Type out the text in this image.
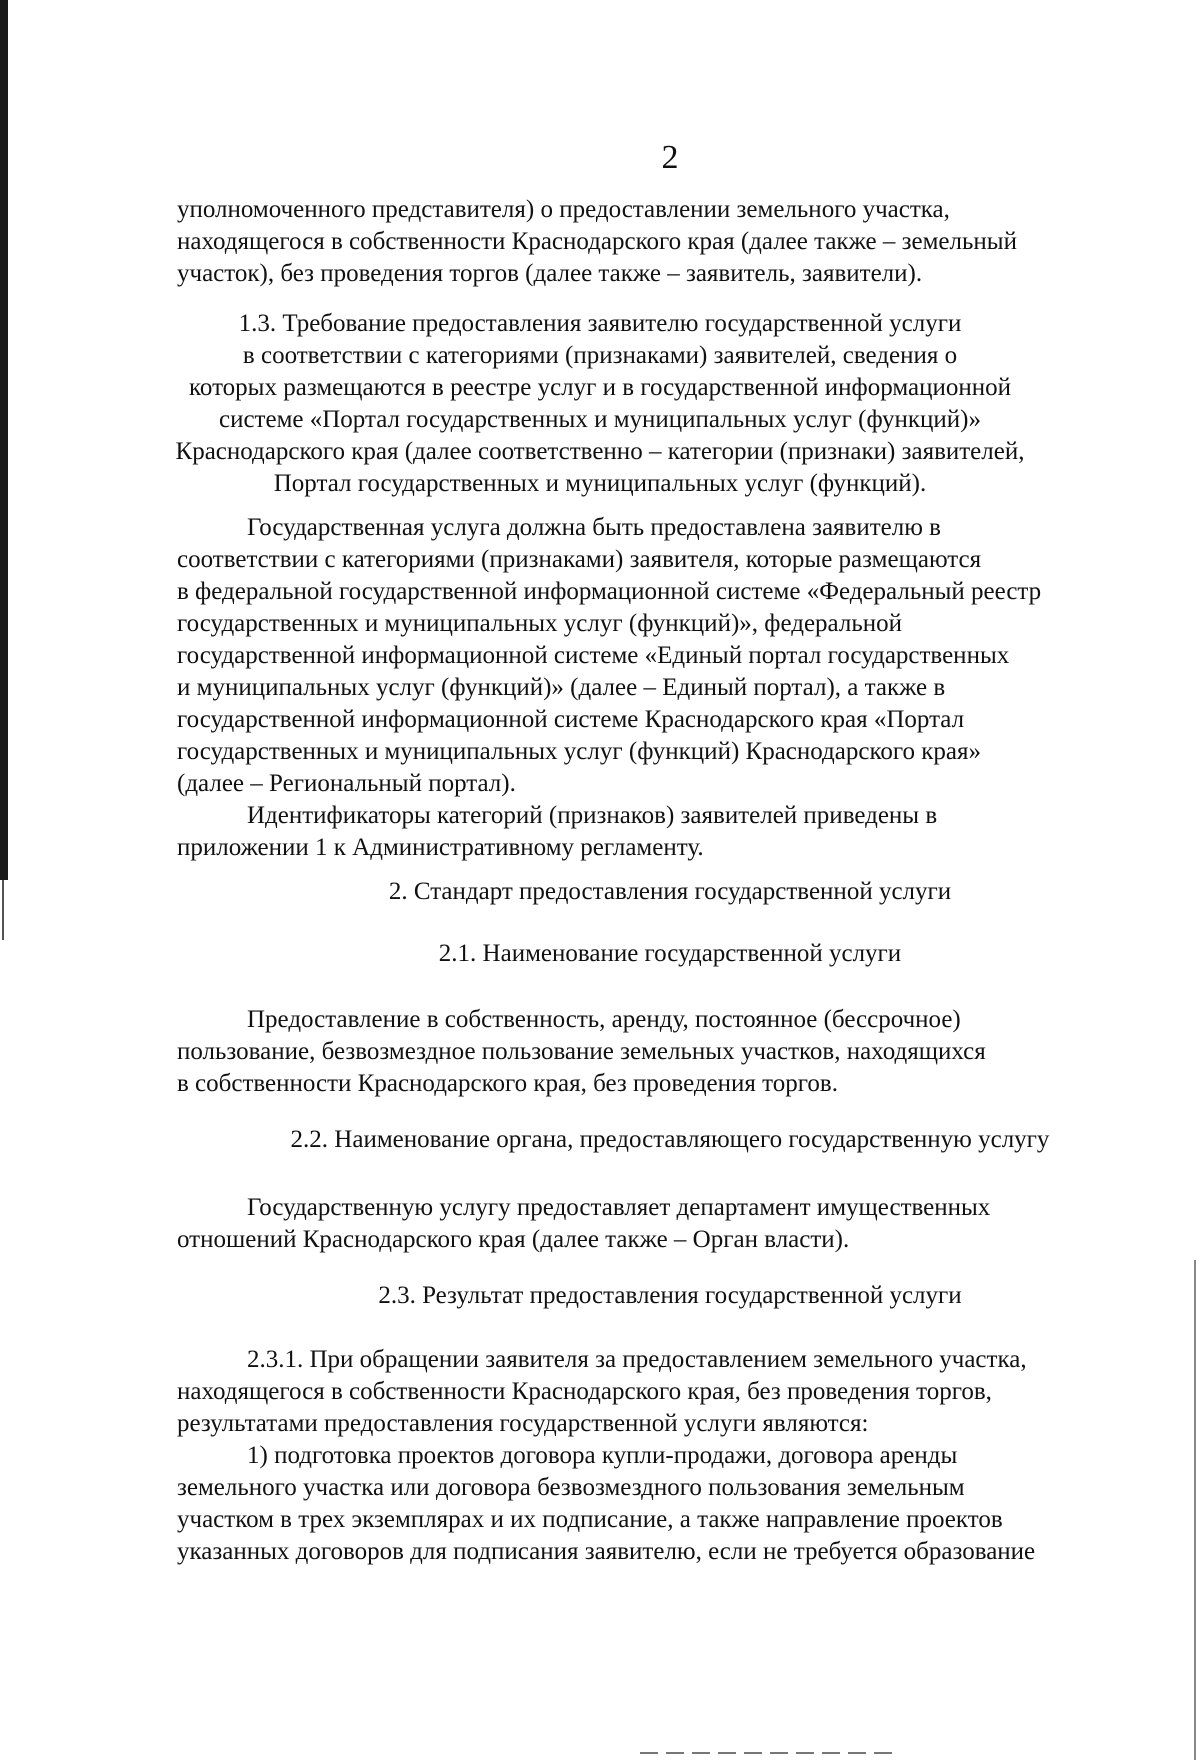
2

уполномоченного представителя) о предоставлении земельного участка,

находящегося в собственности Краснодарского края (далее также – земельный

участок), без проведения торгов (далее также – заявитель, заявители).

1.3. Требование предоставления заявителю государственной услуги

в соответствии с категориями (признаками) заявителей, сведения о

которых размещаются в реестре услуг и в государственной информационной

системе «Портал государственных и муниципальных услуг (функций)»

Краснодарского края (далее соответственно – категории (признаки) заявителей,

Портал государственных и муниципальных услуг (функций).

Государственная услуга должна быть предоставлена заявителю в

соответствии с категориями (признаками) заявителя, которые размещаются

в федеральной государственной информационной системе «Федеральный реестр

государственных и муниципальных услуг (функций)», федеральной

государственной информационной системе «Единый портал государственных

и муниципальных услуг (функций)» (далее – Единый портал), а также в

государственной информационной системе Краснодарского края «Портал

государственных и муниципальных услуг (функций) Краснодарского края»

(далее – Региональный портал).

Идентификаторы категорий (признаков) заявителей приведены в

приложении 1 к Административному регламенту.

2. Стандарт предоставления государственной услуги

2.1. Наименование государственной услуги

Предоставление в собственность, аренду, постоянное (бессрочное)

пользование, безвозмездное пользование земельных участков, находящихся

в собственности Краснодарского края, без проведения торгов.

2.2. Наименование органа, предоставляющего государственную услугу

Государственную услугу предоставляет департамент имущественных

отношений Краснодарского края (далее также – Орган власти).

2.3. Результат предоставления государственной услуги

2.3.1. При обращении заявителя за предоставлением земельного участка,

находящегося в собственности Краснодарского края, без проведения торгов,

результатами предоставления государственной услуги являются:

1) подготовка проектов договора купли-продажи, договора аренды

земельного участка или договора безвозмездного пользования земельным

участком в трех экземплярах и их подписание, а также направление проектов

указанных договоров для подписания заявителю, если не требуется образование
